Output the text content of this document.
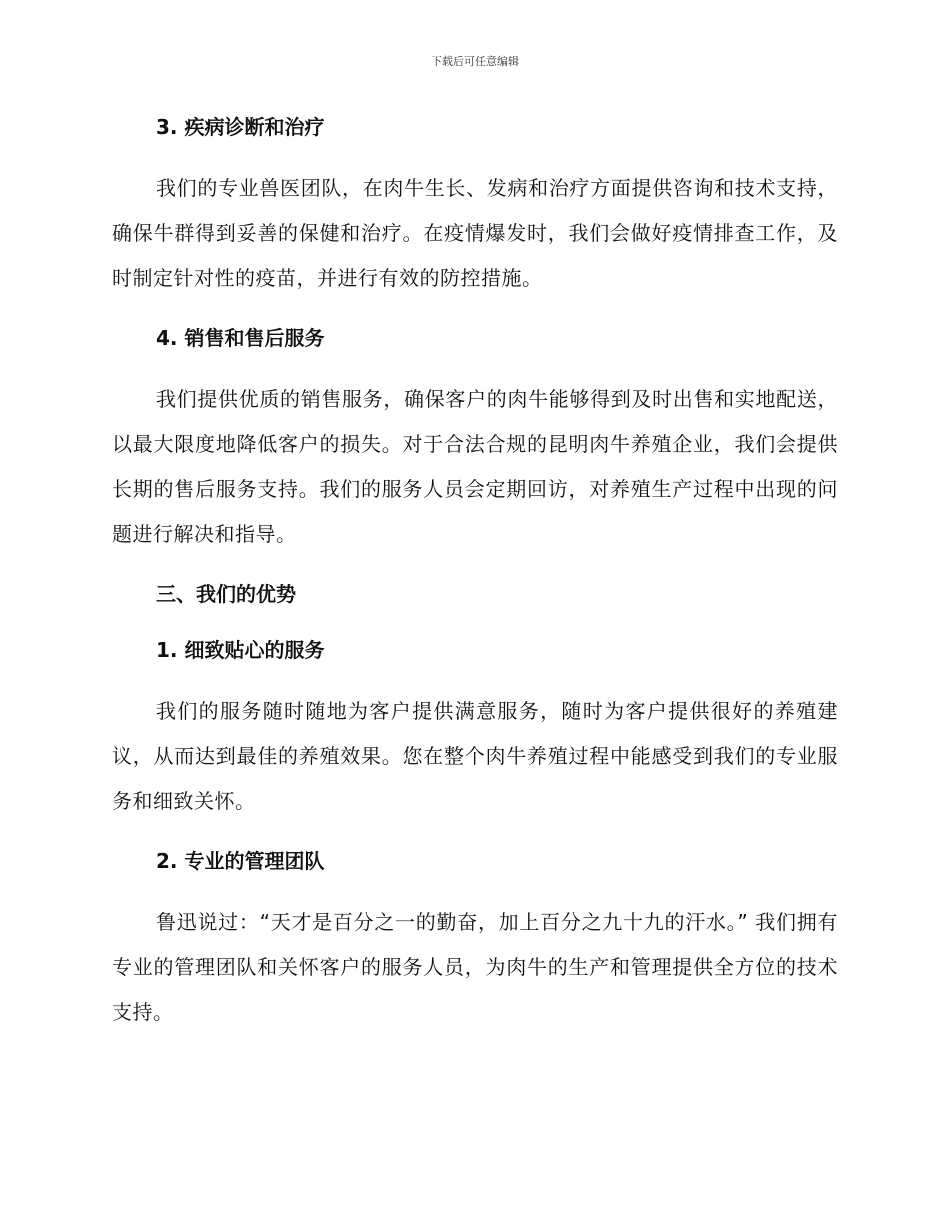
下载后可任意编辑
3. 疾病诊断和治疗

我们的专业兽医团队，在肉牛生长、发病和治疗方面提供咨询和技术支持，确保牛群得到妥善的保健和治疗。在疫情爆发时，我们会做好疫情排查工作，及时制定针对性的疫苗，并进行有效的防控措施。

4. 销售和售后服务

我们提供优质的销售服务，确保客户的肉牛能够得到及时出售和实地配送，以最大限度地降低客户的损失。对于合法合规的昆明肉牛养殖企业，我们会提供长期的售后服务支持。我们的服务人员会定期回访，对养殖生产过程中出现的问题进行解决和指导。

三、我们的优势
1. 细致贴心的服务

我们的服务随时随地为客户提供满意服务，随时为客户提供很好的养殖建议，从而达到最佳的养殖效果。您在整个肉牛养殖过程中能感受到我们的专业服务和细致关怀。

2. 专业的管理团队

鲁迅说过：“天才是百分之一的勤奋，加上百分之九十九的汗水。” 我们拥有专业的管理团队和关怀客户的服务人员，为肉牛的生产和管理提供全方位的技术支持。
